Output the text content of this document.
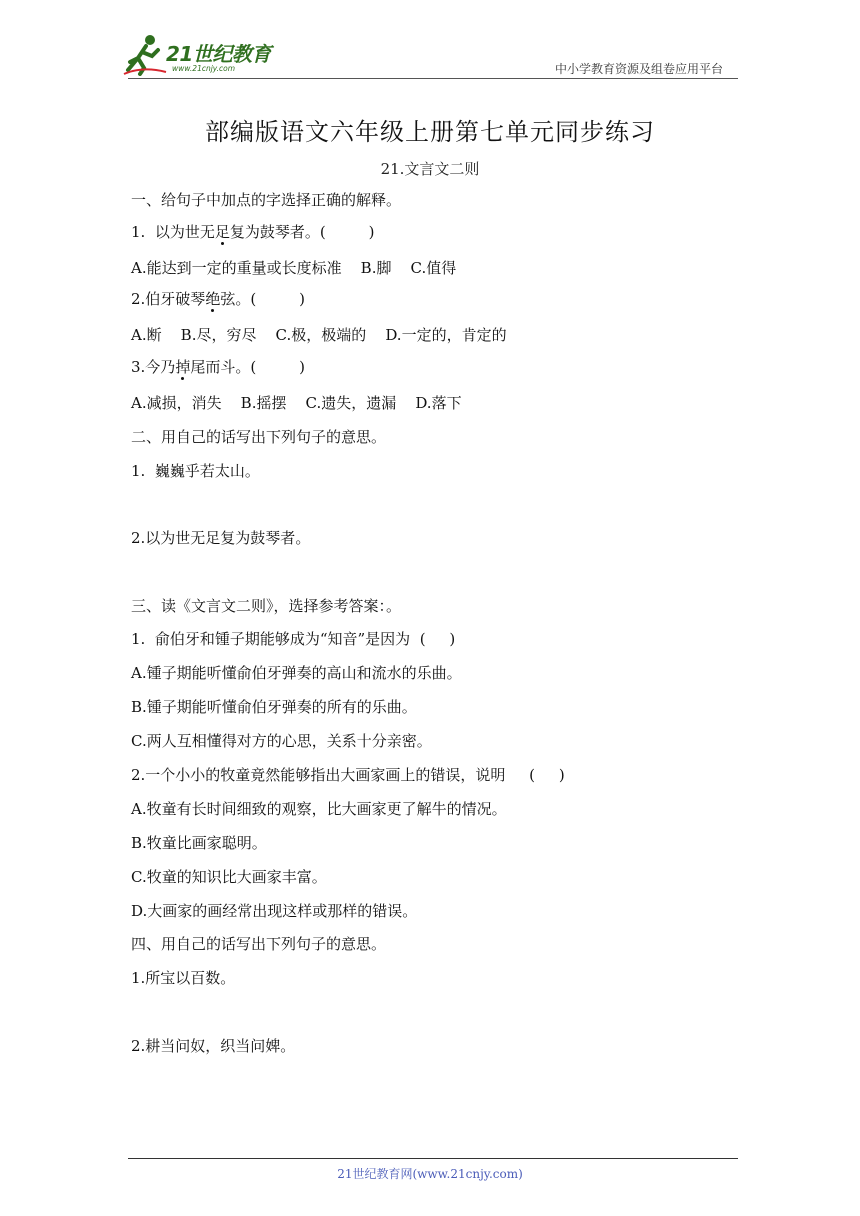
21世纪教育
www.21cnjy.com	中小学教育资源及组卷应用平台
部编版语文六年级上册第七单元同步练习
21.文言文二则
一、给句子中加点的字选择正确的解释。
1.  以为世无足复为鼓琴者。(         )
A.能达到一定的重量或长度标准    B.脚    C.值得
2.伯牙破琴绝弦。(         )
A.断    B.尽，穷尽    C.极，极端的    D.一定的，肯定的
3.今乃掉尾而斗。(         )
A.减损，消失    B.摇摆    C.遗失，遗漏    D.落下
二、用自己的话写出下列句子的意思。
1.  巍巍乎若太山。
2.以为世无足复为鼓琴者。
三、读《文言文二则》，选择参考答案：。
1.  俞伯牙和锺子期能够成为“知音”是因为  (     )
A.锺子期能听懂俞伯牙弹奏的高山和流水的乐曲。
B.锺子期能听懂俞伯牙弹奏的所有的乐曲。
C.两人互相懂得对方的心思，关系十分亲密。
2.一个小小的牧童竟然能够指出大画家画上的错误，说明     (     )
A.牧童有长时间细致的观察，比大画家更了解牛的情况。
B.牧童比画家聪明。
C.牧童的知识比大画家丰富。
D.大画家的画经常出现这样或那样的错误。
四、用自己的话写出下列句子的意思。
1.所宝以百数。
2.耕当问奴，织当问婢。
21世纪教育网(www.21cnjy.com)
